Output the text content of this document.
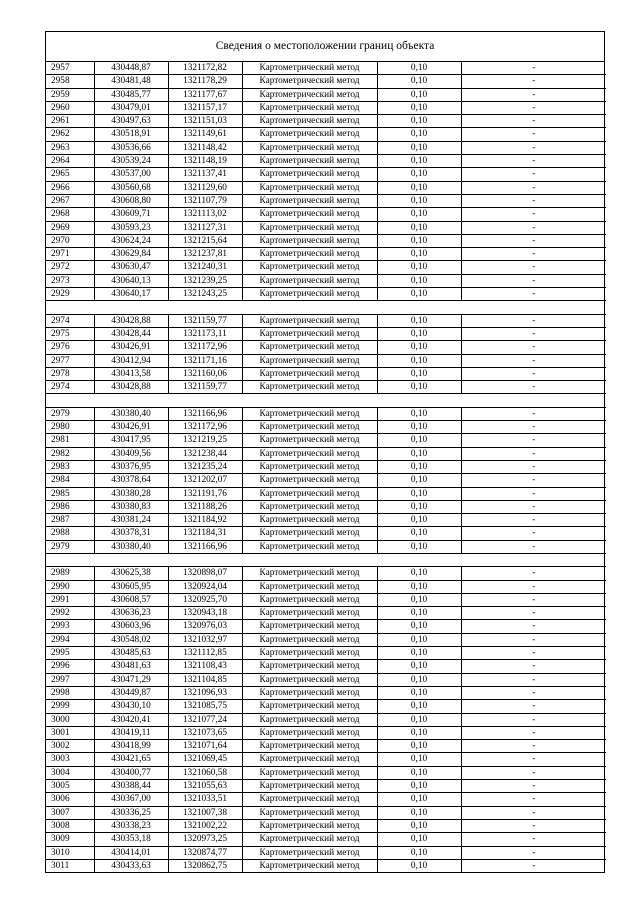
Сведения о местоположении границ объекта
2957	430448,87	1321172,82	Картометрический метод	0,10	-
2958	430481,48	1321178,29	Картометрический метод	0,10	-
2959	430485,77	1321177,67	Картометрический метод	0,10	-
2960	430479,01	1321157,17	Картометрический метод	0,10	-
2961	430497,63	1321151,03	Картометрический метод	0,10	-
2962	430518,91	1321149,61	Картометрический метод	0,10	-
2963	430536,66	1321148,42	Картометрический метод	0,10	-
2964	430539,24	1321148,19	Картометрический метод	0,10	-
2965	430537,00	1321137,41	Картометрический метод	0,10	-
2966	430560,68	1321129,60	Картометрический метод	0,10	-
2967	430608,80	1321107,79	Картометрический метод	0,10	-
2968	430609,71	1321113,02	Картометрический метод	0,10	-
2969	430593,23	1321127,31	Картометрический метод	0,10	-
2970	430624,24	1321215,64	Картометрический метод	0,10	-
2971	430629,84	1321237,81	Картометрический метод	0,10	-
2972	430630,47	1321240,31	Картометрический метод	0,10	-
2973	430640,13	1321239,25	Картометрический метод	0,10	-
2929	430640,17	1321243,25	Картометрический метод	0,10	-

2974	430428,88	1321159,77	Картометрический метод	0,10	-
2975	430428,44	1321173,11	Картометрический метод	0,10	-
2976	430426,91	1321172,96	Картометрический метод	0,10	-
2977	430412,94	1321171,16	Картометрический метод	0,10	-
2978	430413,58	1321160,06	Картометрический метод	0,10	-
2974	430428,88	1321159,77	Картометрический метод	0,10	-

2979	430380,40	1321166,96	Картометрический метод	0,10	-
2980	430426,91	1321172,96	Картометрический метод	0,10	-
2981	430417,95	1321219,25	Картометрический метод	0,10	-
2982	430409,56	1321238,44	Картометрический метод	0,10	-
2983	430376,95	1321235,24	Картометрический метод	0,10	-
2984	430378,64	1321202,07	Картометрический метод	0,10	-
2985	430380,28	1321191,76	Картометрический метод	0,10	-
2986	430380,83	1321188,26	Картометрический метод	0,10	-
2987	430381,24	1321184,92	Картометрический метод	0,10	-
2988	430378,31	1321184,31	Картометрический метод	0,10	-
2979	430380,40	1321166,96	Картометрический метод	0,10	-

2989	430625,38	1320898,07	Картометрический метод	0,10	-
2990	430605,95	1320924,04	Картометрический метод	0,10	-
2991	430608,57	1320925,70	Картометрический метод	0,10	-
2992	430636,23	1320943,18	Картометрический метод	0,10	-
2993	430603,96	1320976,03	Картометрический метод	0,10	-
2994	430548,02	1321032,97	Картометрический метод	0,10	-
2995	430485,63	1321112,85	Картометрический метод	0,10	-
2996	430481,63	1321108,43	Картометрический метод	0,10	-
2997	430471,29	1321104,85	Картометрический метод	0,10	-
2998	430449,87	1321096,93	Картометрический метод	0,10	-
2999	430430,10	1321085,75	Картометрический метод	0,10	-
3000	430420,41	1321077,24	Картометрический метод	0,10	-
3001	430419,11	1321073,65	Картометрический метод	0,10	-
3002	430418,99	1321071,64	Картометрический метод	0,10	-
3003	430421,65	1321069,45	Картометрический метод	0,10	-
3004	430400,77	1321060,58	Картометрический метод	0,10	-
3005	430388,44	1321055,63	Картометрический метод	0,10	-
3006	430367,00	1321033,51	Картометрический метод	0,10	-
3007	430336,25	1321007,38	Картометрический метод	0,10	-
3008	430338,23	1321002,22	Картометрический метод	0,10	-
3009	430353,18	1320973,25	Картометрический метод	0,10	-
3010	430414,01	1320874,77	Картометрический метод	0,10	-
3011	430433,63	1320862,75	Картометрический метод	0,10	-
